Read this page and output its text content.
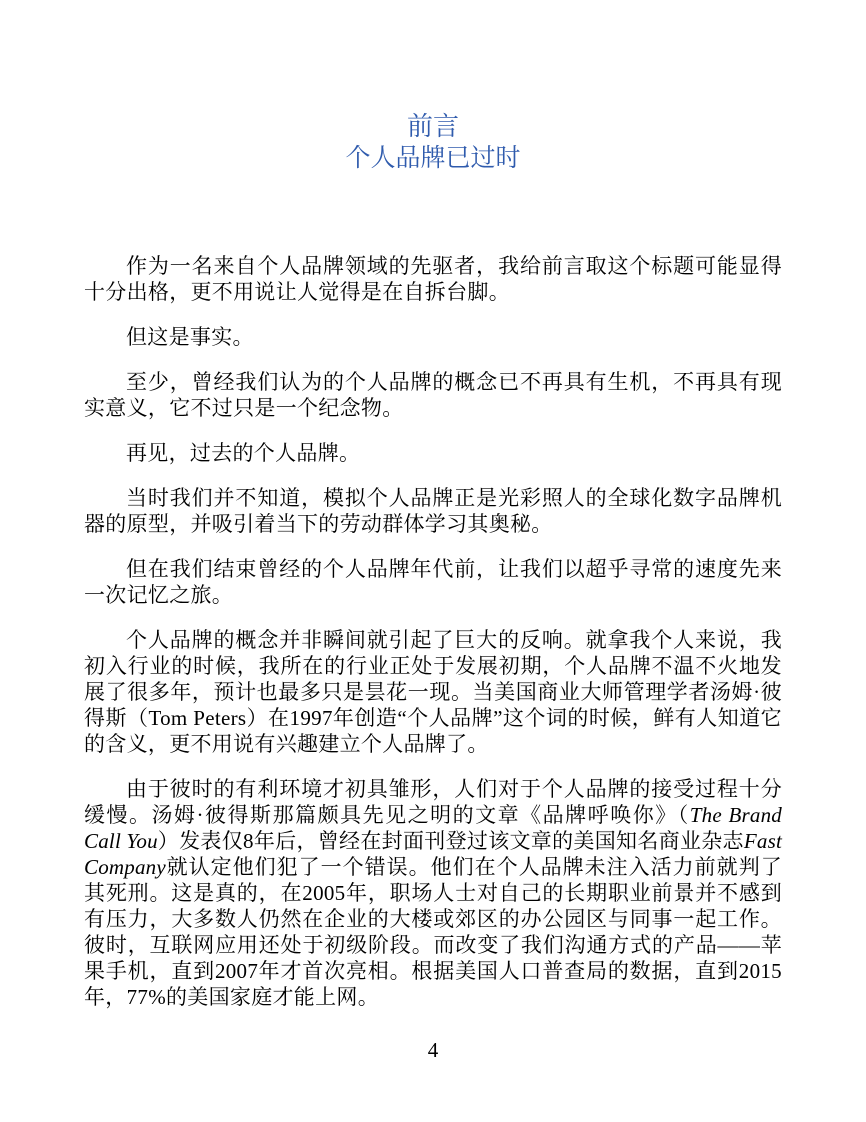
前言
个人品牌已过时

作为一名来自个人品牌领域的先驱者，我给前言取这个标题可能显得十分出格，更不用说让人觉得是在自拆台脚。

但这是事实。

至少，曾经我们认为的个人品牌的概念已不再具有生机，不再具有现实意义，它不过只是一个纪念物。

再见，过去的个人品牌。

当时我们并不知道，模拟个人品牌正是光彩照人的全球化数字品牌机器的原型，并吸引着当下的劳动群体学习其奥秘。

但在我们结束曾经的个人品牌年代前，让我们以超乎寻常的速度先来一次记忆之旅。

个人品牌的概念并非瞬间就引起了巨大的反响。就拿我个人来说，我初入行业的时候，我所在的行业正处于发展初期，个人品牌不温不火地发展了很多年，预计也最多只是昙花一现。当美国商业大师管理学者汤姆·彼得斯（Tom Peters）在1997年创造“个人品牌”这个词的时候，鲜有人知道它的含义，更不用说有兴趣建立个人品牌了。

由于彼时的有利环境才初具雏形，人们对于个人品牌的接受过程十分缓慢。汤姆·彼得斯那篇颇具先见之明的文章《品牌呼唤你》（The Brand Call You）发表仅8年后，曾经在封面刊登过该文章的美国知名商业杂志Fast Company就认定他们犯了一个错误。他们在个人品牌未注入活力前就判了其死刑。这是真的，在2005年，职场人士对自己的长期职业前景并不感到有压力，大多数人仍然在企业的大楼或郊区的办公园区与同事一起工作。彼时，互联网应用还处于初级阶段。而改变了我们沟通方式的产品——苹果手机，直到2007年才首次亮相。根据美国人口普查局的数据，直到2015年，77%的美国家庭才能上网。

4
